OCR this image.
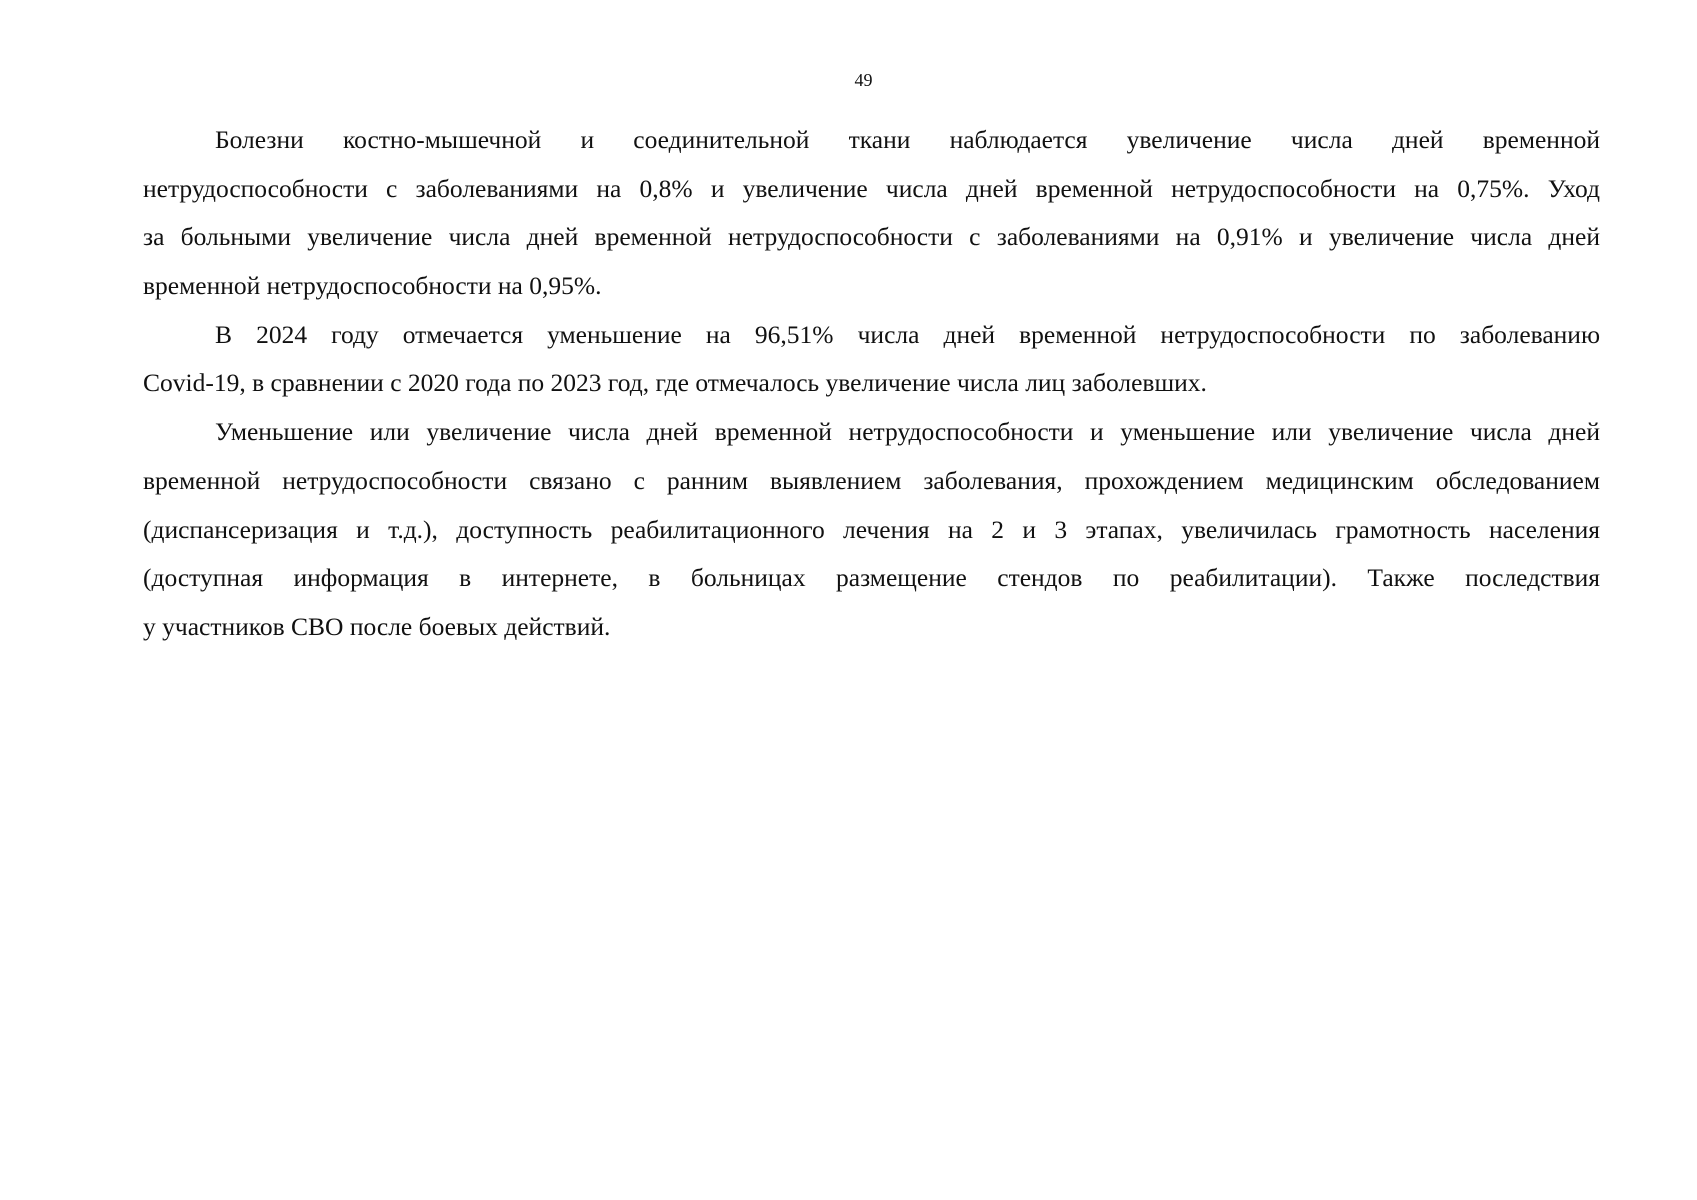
49

Болезни костно-мышечной и соединительной ткани наблюдается увеличение числа дней временной
нетрудоспособности с заболеваниями на 0,8% и увеличение числа дней временной нетрудоспособности на 0,75%. Уход
за больными увеличение числа дней временной нетрудоспособности с заболеваниями на 0,91% и увеличение числа дней
временной нетрудоспособности на 0,95%.

В 2024 году отмечается уменьшение на 96,51% числа дней временной нетрудоспособности по заболеванию
Covid-19, в сравнении с 2020 года по 2023 год, где отмечалось увеличение числа лиц заболевших.

Уменьшение или увеличение числа дней временной нетрудоспособности и уменьшение или увеличение числа дней
временной нетрудоспособности связано с ранним выявлением заболевания, прохождением медицинским обследованием
(диспансеризация и т.д.), доступность реабилитационного лечения на 2 и 3 этапах, увеличилась грамотность населения
(доступная информация в интернете, в больницах размещение стендов по реабилитации). Также последствия
у участников СВО после боевых действий.
